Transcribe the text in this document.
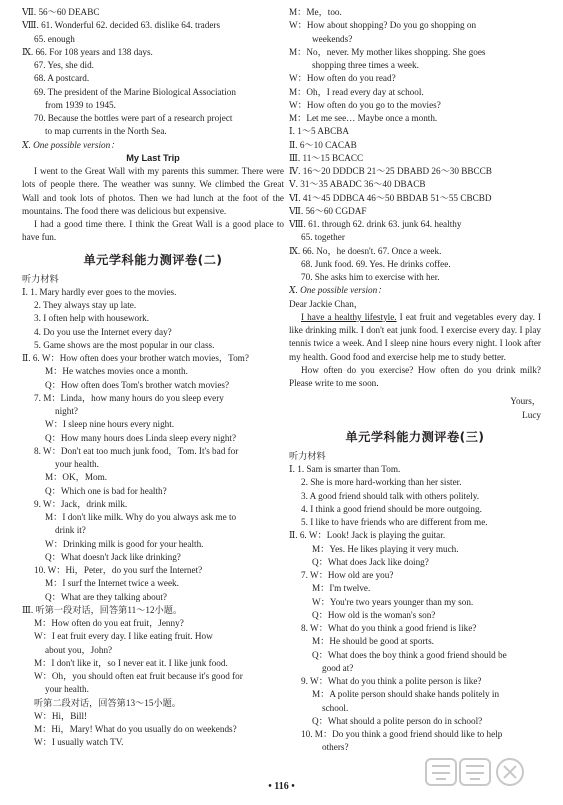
Ⅶ. 56～60 DEABC
Ⅷ. 61. Wonderful 62. decided 63. dislike 64. traders
65. enough
Ⅸ. 66. For 108 years and 138 days.
67. Yes, she did.
68. A postcard.
69. The president of the Marine Biological Association
from 1939 to 1945.
70. Because the bottles were part of a research project
to map currents in the North Sea.
Ⅹ. One possible version：
My Last Trip
I went to the Great Wall with my parents this summer. There were lots of people there. The weather was sunny. We climbed the Great Wall and took lots of photos. Then we had lunch at the foot of the mountains. The food there was delicious but expensive.
I had a good time there. I think the Great Wall is a good place to have fun.
单元学科能力测评卷(二)
听力材料
Ⅰ. 1. Mary hardly ever goes to the movies.
2. They always stay up late.
3. I often help with housework.
4. Do you use the Internet every day?
5. Game shows are the most popular in our class.
Ⅱ. 6. W：How often does your brother watch movies，Tom?
M：He watches movies once a month.
Q：How often does Tom's brother watch movies?
7. M：Linda，how many hours do you sleep every
night?
W：I sleep nine hours every night.
Q：How many hours does Linda sleep every night?
8. W：Don't eat too much junk food，Tom. It's bad for
your health.
M：OK，Mom.
Q：Which one is bad for health?
9. W：Jack，drink milk.
M：I don't like milk. Why do you always ask me to
drink it?
W：Drinking milk is good for your health.
Q：What doesn't Jack like drinking?
10. W：Hi，Peter，do you surf the Internet?
M：I surf the Internet twice a week.
Q：What are they talking about?
Ⅲ. 听第一段对话，回答第11～12小题。
M：How often do you eat fruit，Jenny?
W：I eat fruit every day. I like eating fruit. How
about you，John?
M：I don't like it，so I never eat it. I like junk food.
W：Oh，you should often eat fruit because it's good for
your health.
听第二段对话，回答第13～15小题。
W：Hi，Bill!
M：Hi，Mary! What do you usually do on weekends?
W：I usually watch TV.
M：Me，too.
W：How about shopping? Do you go shopping on
weekends?
M：No，never. My mother likes shopping. She goes
shopping three times a week.
W：How often do you read?
M：Oh，I read every day at school.
W：How often do you go to the movies?
M：Let me see… Maybe once a month.
Ⅰ. 1～5 ABCBA
Ⅱ. 6～10 CACAB
Ⅲ. 11～15 BCACC
Ⅳ. 16～20 DDDCB 21～25 DBABD 26～30 BBCCB
Ⅴ. 31～35 ABADC 36～40 DBACB
Ⅵ. 41～45 DDBCA 46～50 BBDAB 51～55 CBCBD
Ⅶ. 56～60 CGDAF
Ⅷ. 61. through 62. drink 63. junk 64. healthy
65. together
Ⅸ. 66. No，he doesn't. 67. Once a week.
68. Junk food. 69. Yes. He drinks coffee.
70. She asks him to exercise with her.
Ⅹ. One possible version：
Dear Jackie Chan，
I have a healthy lifestyle. I eat fruit and vegetables every day. I like drinking milk. I don't eat junk food. I exercise every day. I play tennis twice a week. And I sleep nine hours every night. I look after my health. Good food and exercise help me to study better.
How often do you exercise? How often do you drink milk? Please write to me soon.
Yours，
Lucy
单元学科能力测评卷(三)
听力材料
Ⅰ. 1. Sam is smarter than Tom.
2. She is more hard-working than her sister.
3. A good friend should talk with others politely.
4. I think a good friend should be more outgoing.
5. I like to have friends who are different from me.
Ⅱ. 6. W：Look! Jack is playing the guitar.
M：Yes. He likes playing it very much.
Q：What does Jack like doing?
7. W：How old are you?
M：I'm twelve.
W：You're two years younger than my son.
Q：How old is the woman's son?
8. W：What do you think a good friend is like?
M：He should be good at sports.
Q：What does the boy think a good friend should be
good at?
9. W：What do you think a polite person is like?
M：A polite person should shake hands politely in
school.
Q：What should a polite person do in school?
10. M：Do you think a good friend should like to help
others?
• 116 •
